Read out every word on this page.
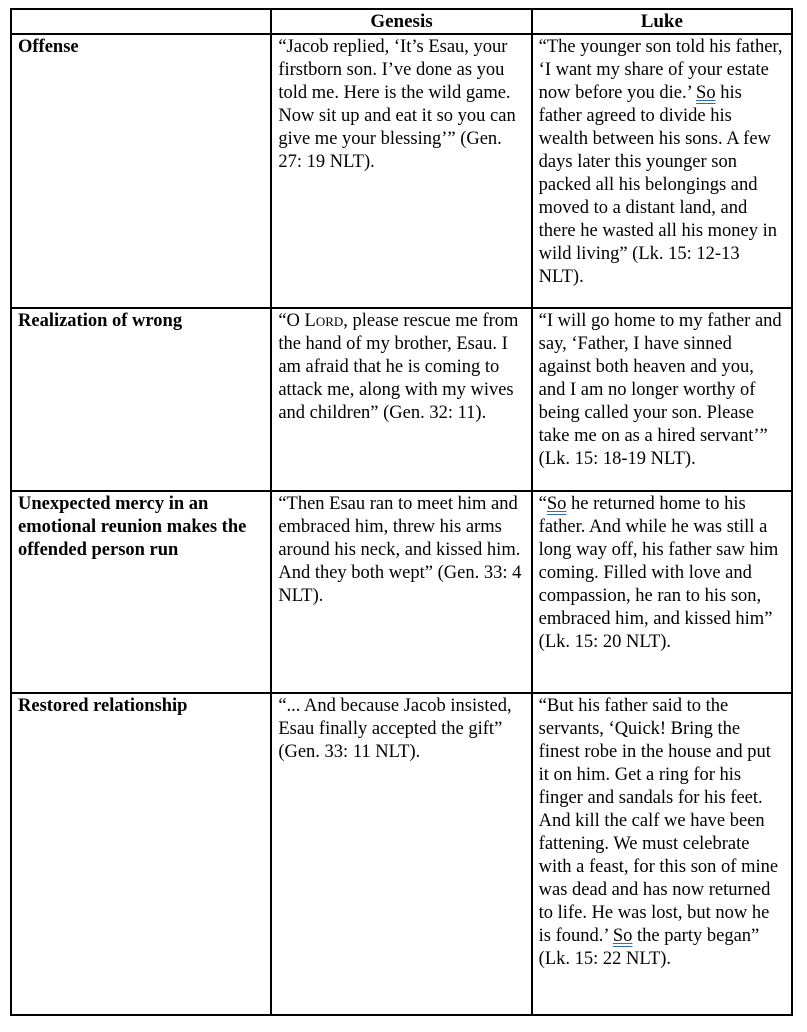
	Genesis	Luke
Offense	“Jacob replied, ‘It’s Esau, your firstborn son. I’ve done as you told me. Here is the wild game. Now sit up and eat it so you can give me your blessing’” (Gen. 27: 19 NLT).	“The younger son told his father, ‘I want my share of your estate now before you die.’ So his father agreed to divide his wealth between his sons. A few days later this younger son packed all his belongings and moved to a distant land, and there he wasted all his money in wild living” (Lk. 15: 12-13 NLT).
Realization of wrong	“O Lord, please rescue me from the hand of my brother, Esau. I am afraid that he is coming to attack me, along with my wives and children” (Gen. 32: 11).	“I will go home to my father and say, ‘Father, I have sinned against both heaven and you, and I am no longer worthy of being called your son. Please take me on as a hired servant’” (Lk. 15: 18-19 NLT).
Unexpected mercy in an emotional reunion makes the offended person run	“Then Esau ran to meet him and embraced him, threw his arms around his neck, and kissed him. And they both wept” (Gen. 33: 4 NLT).	“So he returned home to his father. And while he was still a long way off, his father saw him coming. Filled with love and compassion, he ran to his son, embraced him, and kissed him” (Lk. 15: 20 NLT).
Restored relationship	“... And because Jacob insisted, Esau finally accepted the gift” (Gen. 33: 11 NLT).	“But his father said to the servants, ‘Quick! Bring the finest robe in the house and put it on him. Get a ring for his finger and sandals for his feet. And kill the calf we have been fattening. We must celebrate with a feast, for this son of mine was dead and has now returned to life. He was lost, but now he is found.’ So the party began” (Lk. 15: 22 NLT).
